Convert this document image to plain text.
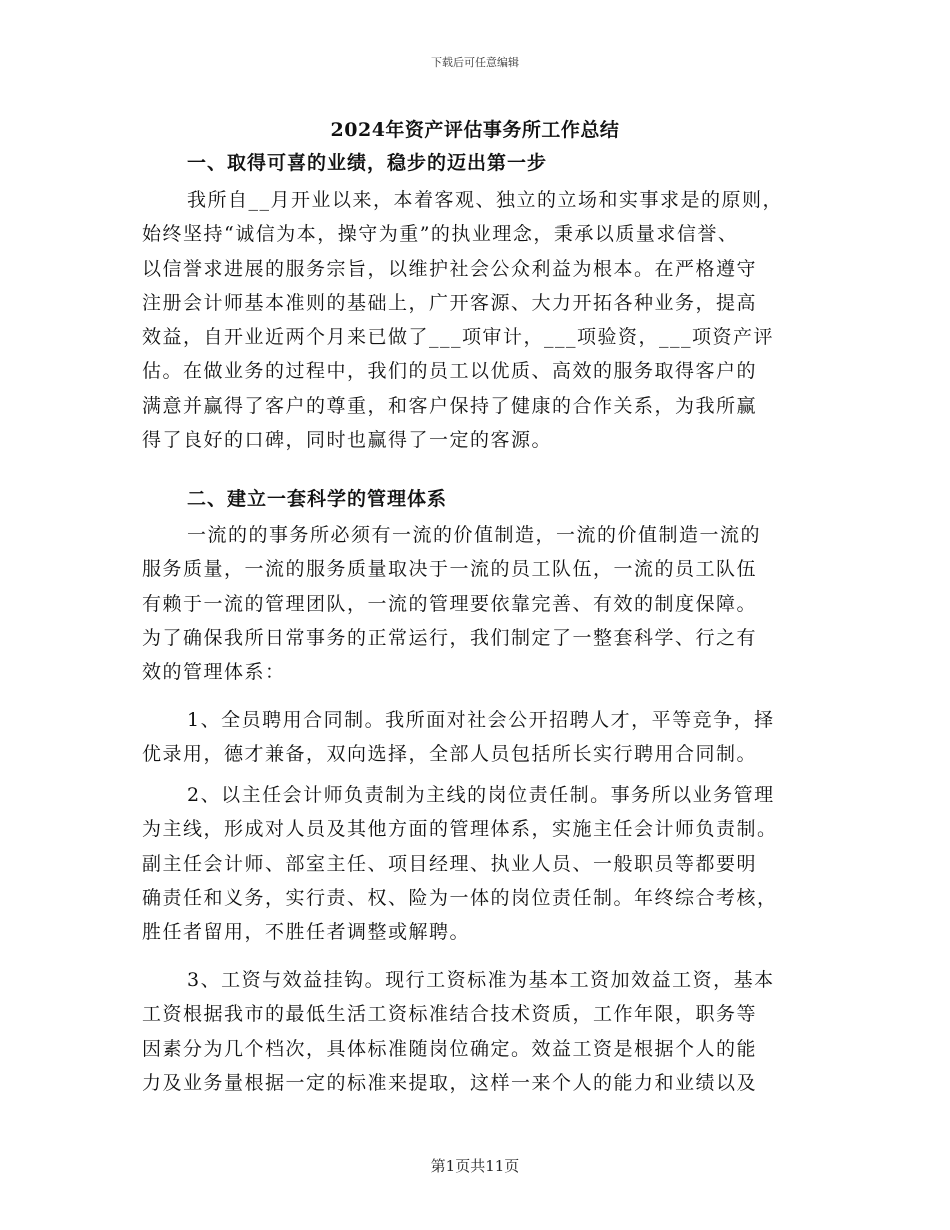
下载后可任意编辑
2024年资产评估事务所工作总结
一、取得可喜的业绩，稳步的迈出第一步

我所自__月开业以来，本着客观、独立的立场和实事求是的原则，
始终坚持“诚信为本，操守为重”的执业理念，秉承以质量求信誉、
以信誉求进展的服务宗旨，以维护社会公众利益为根本。在严格遵守
注册会计师基本准则的基础上，广开客源、大力开拓各种业务，提高
效益，自开业近两个月来已做了___项审计，___项验资，___项资产评
估。在做业务的过程中，我们的员工以优质、高效的服务取得客户的
满意并赢得了客户的尊重，和客户保持了健康的合作关系，为我所赢
得了良好的口碑，同时也赢得了一定的客源。

二、建立一套科学的管理体系

一流的的事务所必须有一流的价值制造，一流的价值制造一流的
服务质量，一流的服务质量取决于一流的员工队伍，一流的员工队伍
有赖于一流的管理团队，一流的管理要依靠完善、有效的制度保障。
为了确保我所日常事务的正常运行，我们制定了一整套科学、行之有
效的管理体系：

1、全员聘用合同制。我所面对社会公开招聘人才，平等竞争，择
优录用，德才兼备，双向选择，全部人员包括所长实行聘用合同制。

2、以主任会计师负责制为主线的岗位责任制。事务所以业务管理
为主线，形成对人员及其他方面的管理体系，实施主任会计师负责制。
副主任会计师、部室主任、项目经理、执业人员、一般职员等都要明
确责任和义务，实行责、权、险为一体的岗位责任制。年终综合考核，
胜任者留用，不胜任者调整或解聘。

3、工资与效益挂钩。现行工资标准为基本工资加效益工资，基本
工资根据我市的最低生活工资标准结合技术资质，工作年限，职务等
因素分为几个档次，具体标准随岗位确定。效益工资是根据个人的能
力及业务量根据一定的标准来提取，这样一来个人的能力和业绩以及

第1页共11页
